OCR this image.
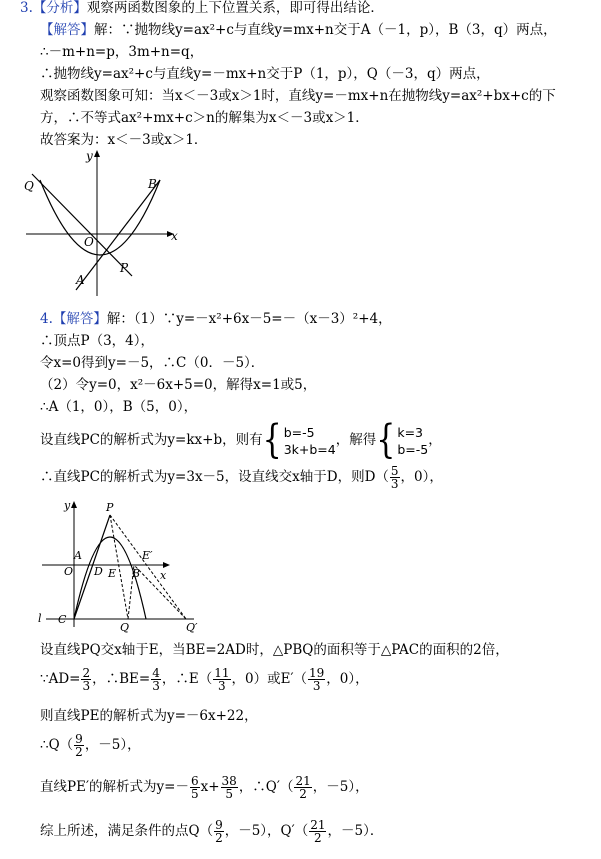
3.【分析】观察两函数图象的上下位置关系，即可得出结论．
【解答】解：∵抛物线y=ax²+c与直线y=mx+n交于A（－1，p），B（3，q）两点，
∴－m+n=p，3m+n=q，
∴抛物线y=ax²+c与直线y=－mx+n交于P（1，p），Q（－3，q）两点，
观察函数图象可知：当x＜－3或x＞1时，直线y=－mx+n在抛物线y=ax²+bx+c的下
方，∴不等式ax²+mx+c＞n的解集为x＜－3或x＞1．
故答案为：x＜－3或x＞1．
y
x
Q	B
O
A
P
4.【解答】解：（1）∵y=－x²+6x－5=－（x－3）²+4，
∴顶点P（3，4），
令x=0得到y=－5，∴C（0．－5）．
（2）令y=0，x²－6x+5=0，解得x=1或5，
∴A（1，0），B（5，0），
设直线PC的解析式为y=kx+b，则有{ b=-5
3k+b=4，解得{ k=3
b=-5，
∴直线PC的解析式为y=3x－5，设直线交x轴于D，则$D( \frac{5}{3}$ ，0），
y	P
A
O D E
E′
B x
l C
Q	Q′
设直线PQ交x轴于E，当BE=2AD时，△PBQ的面积等于△PAC的面积的2倍，
∵AD= $\frac{2}{3}$ ，∴BE= $\frac{4}{3}$ ，∴E（ $\frac{11}{3}$ ，0）或$E'( \frac{19}{3}$ ，0），
则直线PE的解析式为y=－6x+22，
∴Q（ $\frac{9}{2}$ ，－5），
直线PE′的解析式为$y=- \frac{6}{5} x+ \frac{38}{5}$ ，∴Q′（ $\frac{21}{2}$ ，－5），
综上所述，满足条件的点$Q( \frac{9}{2}$ ，－5），$Q'( \frac{21}{2}$ ，－5）．
